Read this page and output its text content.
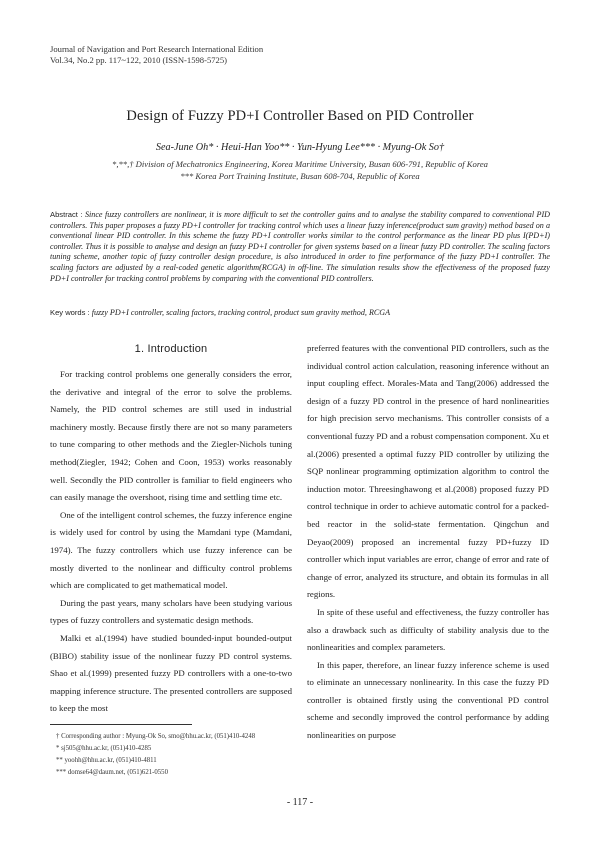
Journal of Navigation and Port Research International Edition
Vol.34, No.2 pp. 117~122, 2010 (ISSN-1598-5725)
Design of Fuzzy PD+I Controller Based on PID Controller
Sea-June Oh* · Heui-Han Yoo** · Yun-Hyung Lee*** · Myung-Ok So†
*,**,† Division of Mechatronics Engineering, Korea Maritime University, Busan 606-791, Republic of Korea
*** Korea Port Training Institute, Busan 608-704, Republic of Korea
Abstract : Since fuzzy controllers are nonlinear, it is more difficult to set the controller gains and to analyse the stability compared to conventional PID controllers. This paper proposes a fuzzy PD+I controller for tracking control which uses a linear fuzzy inference(product sum gravity) method based on a conventional linear PID controller. In this scheme the fuzzy PD+I controller works similar to the control performance as the linear PD plus I(PD+I) controller. Thus it is possible to analyse and design an fuzzy PD+I controller for given systems based on a linear fuzzy PD controller. The scaling factors tuning scheme, another topic of fuzzy controller design procedure, is also introduced in order to fine performance of the fuzzy PD+I controller. The scaling factors are adjusted by a real-coded genetic algorithm(RCGA) in off-line. The simulation results show the effectiveness of the proposed fuzzy PD+I controller for tracking control problems by comparing with the conventional PID controllers.
Key words : fuzzy PD+I controller, scaling factors, tracking control, product sum gravity method, RCGA
1. Introduction

For tracking control problems one generally considers the error, the derivative and integral of the error to solve the problems. Namely, the PID control schemes are still used in industrial machinery mostly. Because firstly there are not so many parameters to tune comparing to other methods and the Ziegler-Nichols tuning method(Ziegler, 1942; Cohen and Coon, 1953) works reasonably well. Secondly the PID controller is familiar to field engineers who can easily manage the overshoot, rising time and settling time etc.

One of the intelligent control schemes, the fuzzy inference engine is widely used for control by using the Mamdani type (Mamdani, 1974). The fuzzy controllers which use fuzzy inference can be mostly diverted to the nonlinear and difficulty control problems which are complicated to get mathematical model.

During the past years, many scholars have been studying various types of fuzzy controllers and systematic design methods.

Malki et al.(1994) have studied bounded-input bounded-output (BIBO) stability issue of the nonlinear fuzzy PD control systems. Shao et al.(1999) presented fuzzy PD controllers with a one-to-two mapping inference structure. The presented controllers are supposed to keep the most

preferred features with the conventional PID controllers, such as the individual control action calculation, reasoning inference without an input coupling effect. Morales-Mata and Tang(2006) addressed the design of a fuzzy PD control in the presence of hard nonlinearities for high precision servo mechanisms. This controller consists of a conventional fuzzy PD and a robust compensation component. Xu et al.(2006) presented a optimal fuzzy PID controller by utilizing the SQP nonlinear programming optimization algorithm to control the induction motor. Threesinghawong et al.(2008) proposed fuzzy PD control technique in order to achieve automatic control for a packed-bed reactor in the solid-state fermentation. Qingchun and Deyao(2009) proposed an incremental fuzzy PD+fuzzy ID controller which input variables are error, change of error and rate of change of error, analyzed its structure, and obtain its formulas in all regions.

In spite of these useful and effectiveness, the fuzzy controller has also a drawback such as difficulty of stability analysis due to the nonlinearities and complex parameters.

In this paper, therefore, an linear fuzzy inference scheme is used to eliminate an unnecessary nonlinearity. In this case the fuzzy PD controller is obtained firstly using the conventional PD control scheme and secondly improved the control performance by adding nonlinearities on purpose

† Corresponding author : Myung-Ok So, smo@hhu.ac.kr, (051)410-4248
* sj505@hhu.ac.kr, (051)410-4285
** yoohh@hhu.ac.kr, (051)410-4811
*** domse64@daum.net, (051)621-0550
- 117 -
